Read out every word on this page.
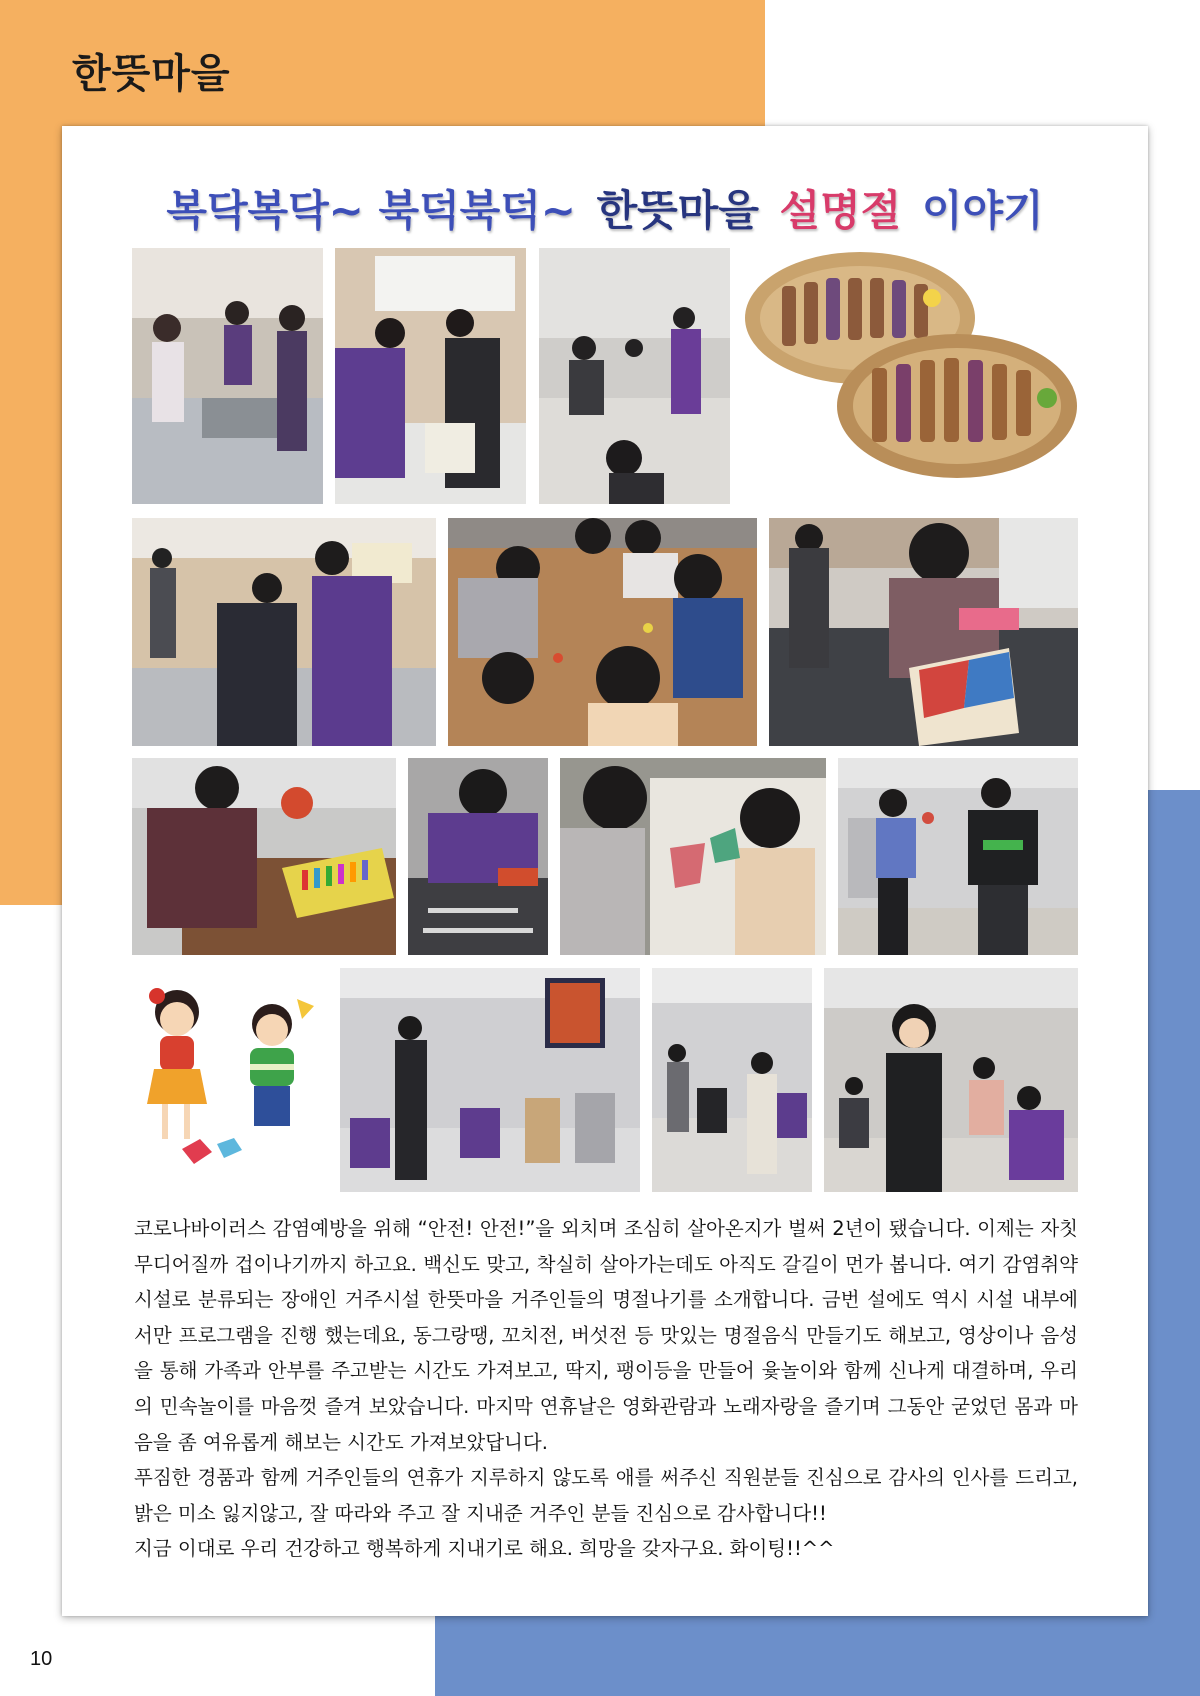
한뜻마을
복닥복닥~ 북덕북덕~ 한뜻마을 설명절 이야기

코로나바이러스 감염예방을 위해 “안전! 안전!”을 외치며 조심히 살아온지가 벌써 2년이 됐습니다. 이제는 자칫 무디어질까 겁이나기까지 하고요. 백신도 맞고, 착실히 살아가는데도 아직도 갈길이 먼가 봅니다. 여기 감염취약시설로 분류되는 장애인 거주시설 한뜻마을 거주인들의 명절나기를 소개합니다. 금번 설에도 역시 시설 내부에서만 프로그램을 진행 했는데요, 동그랑땡, 꼬치전, 버섯전 등 맛있는 명절음식 만들기도 해보고, 영상이나 음성을 통해 가족과 안부를 주고받는 시간도 가져보고, 딱지, 팽이등을 만들어 윷놀이와 함께 신나게 대결하며, 우리의 민속놀이를 마음껏 즐겨 보았습니다. 마지막 연휴날은 영화관람과 노래자랑을 즐기며 그동안 굳었던 몸과 마음을 좀 여유롭게 해보는 시간도 가져보았답니다.

푸짐한 경품과 함께 거주인들의 연휴가 지루하지 않도록 애를 써주신 직원분들 진심으로 감사의 인사를 드리고, 밝은 미소 잃지않고, 잘 따라와 주고 잘 지내준 거주인 분들 진심으로 감사합니다!!

지금 이대로 우리 건강하고 행복하게 지내기로 해요. 희망을 갖자구요. 화이팅!!^^

10
